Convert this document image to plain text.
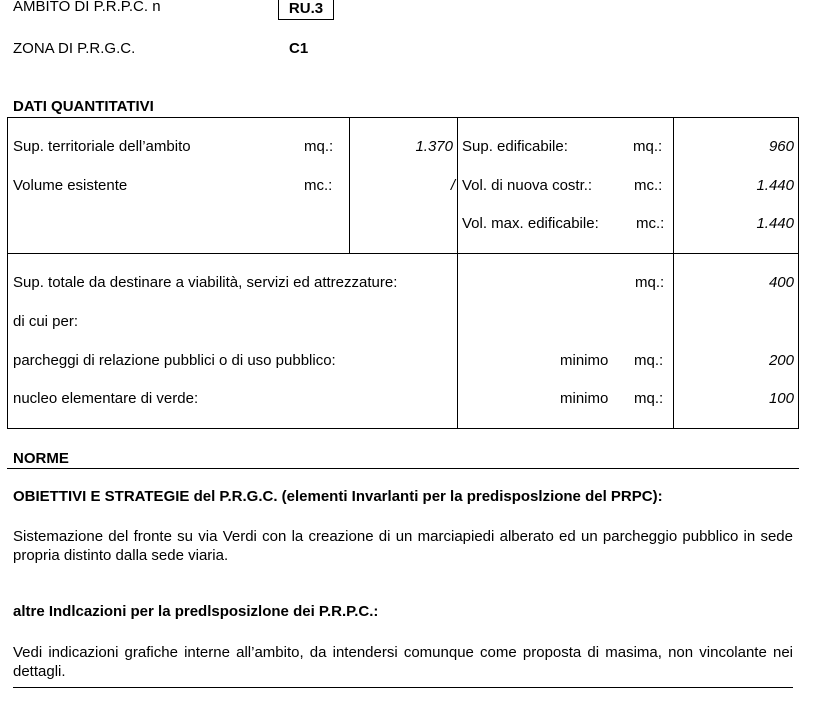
AMBITO DI P.R.P.C. n	RU.3
ZONA DI P.R.G.C.	C1
DATI QUANTITATIVI
Sup. territoriale dell’ambito	mq.:	1.370 Sup. edificabile:	mq.:	960
Volume esistente	mc.:	/ Vol. di nuova costr.:	mc.:	1.440
Vol. max. edificabile: mc.:	1.440
Sup. totale da destinare a viabilità, servizi ed attrezzature:	mq.:	400
di cui per:
parcheggi di relazione pubblici o di uso pubblico:	minimo mq.:	200
nucleo elementare di verde:	minimo mq.:	100
NORME
OBIETTIVI E STRATEGIE del P.R.G.C. (elementi Invarlanti per la predisposlzione del PRPC):
Sistemazione del fronte su via Verdi con la creazione di un marciapiedi alberato ed un parcheggio pubblico in sede propria distinto dalla sede viaria.
altre Indlcazioni per la predlsposizlone dei P.R.P.C.:
Vedi indicazioni grafiche interne all’ambito, da intendersi comunque come proposta di masima, non vincolante nei dettagli.
